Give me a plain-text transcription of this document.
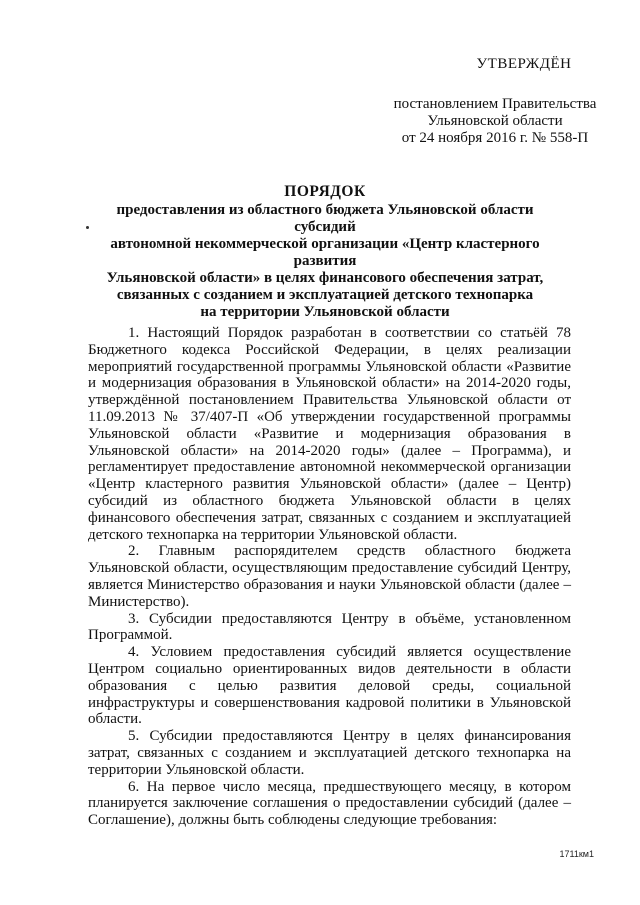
УТВЕРЖДЁН
постановлением Правительства
Ульяновской области
от 24 ноября 2016 г. № 558-П
ПОРЯДОК
предоставления из областного бюджета Ульяновской области субсидий
автономной некоммерческой организации «Центр кластерного развития
Ульяновской области» в целях финансового обеспечения затрат,
связанных с созданием и эксплуатацией детского технопарка
на территории Ульяновской области

1. Настоящий Порядок разработан в соответствии со статьёй 78 Бюджетного кодекса Российской Федерации, в целях реализации мероприятий государственной программы Ульяновской области «Развитие и модернизация образования в Ульяновской области» на 2014-2020 годы, утверждённой постановлением Правительства Ульяновской области от 11.09.2013 № 37/407-П «Об утверждении государственной программы Ульяновской области «Развитие и модернизация образования в Ульяновской области» на 2014-2020 годы» (далее – Программа), и регламентирует предоставление автономной некоммерческой организации «Центр кластерного развития Ульяновской области» (далее – Центр) субсидий из областного бюджета Ульяновской области в целях финансового обеспечения затрат, связанных с созданием и эксплуатацией детского технопарка на территории Ульяновской области.

2. Главным распорядителем средств областного бюджета Ульяновской области, осуществляющим предоставление субсидий Центру, является Министерство образования и науки Ульяновской области (далее – Министерство).

3. Субсидии предоставляются Центру в объёме, установленном Программой.

4. Условием предоставления субсидий является осуществление Центром социально ориентированных видов деятельности в области образования с целью развития деловой среды, социальной инфраструктуры и совершенствования кадровой политики в Ульяновской области.

5. Субсидии предоставляются Центру в целях финансирования затрат, связанных с созданием и эксплуатацией детского технопарка на территории Ульяновской области.

6. На первое число месяца, предшествующего месяцу, в котором планируется заключение соглашения о предоставлении субсидий (далее – Соглашение), должны быть соблюдены следующие требования:

1711км1
